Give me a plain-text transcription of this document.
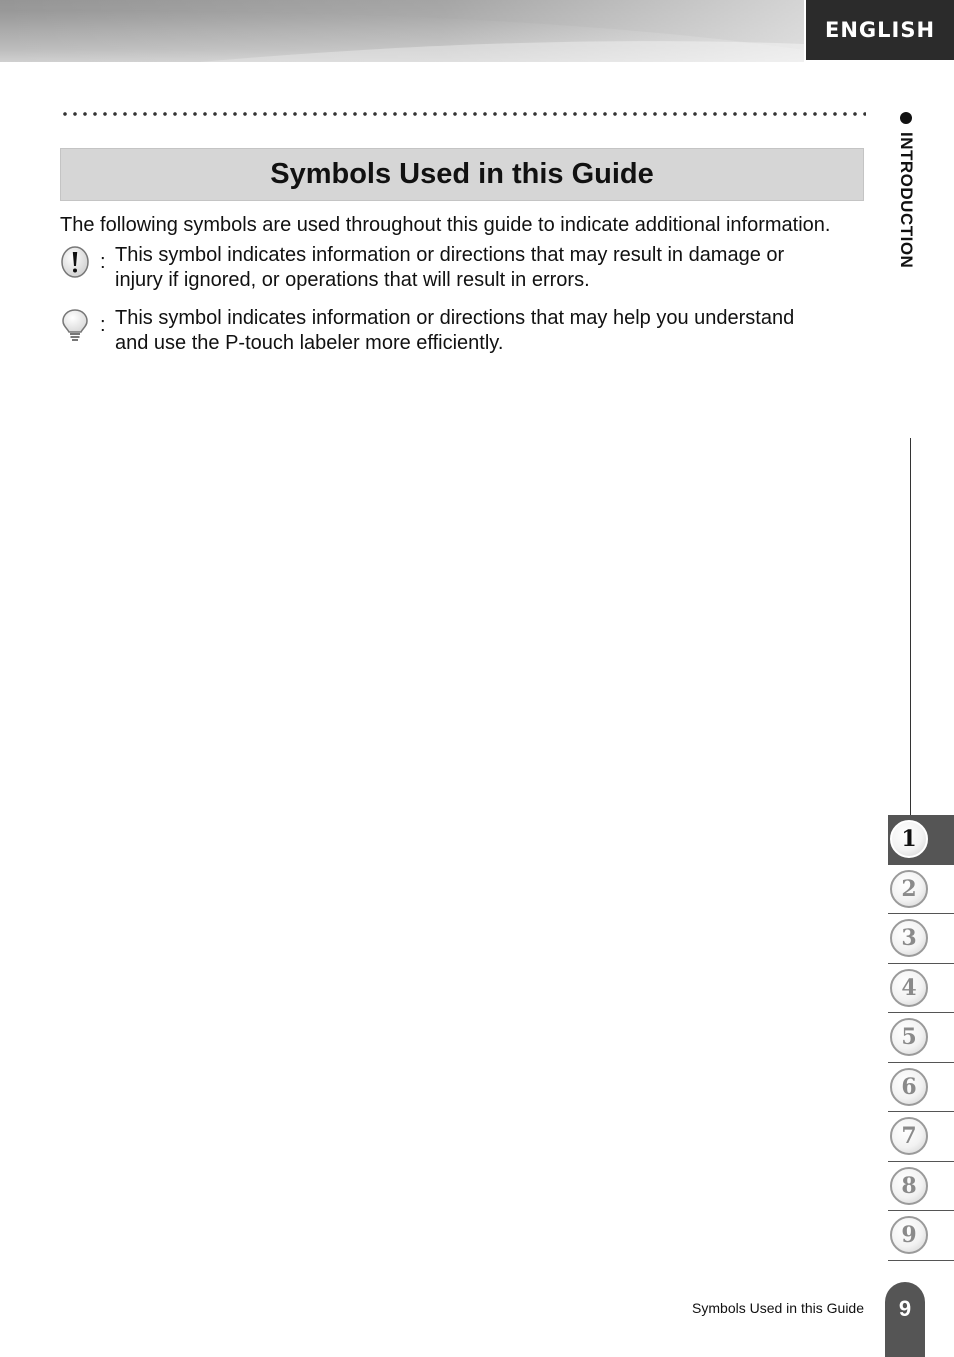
ENGLISH
Symbols Used in this Guide

The following symbols are used throughout this guide to indicate additional information.

: This symbol indicates information or directions that may result in damage or
injury if ignored, or operations that will result in errors.
: This symbol indicates information or directions that may help you understand
and use the P-touch labeler more efficiently.
INTRODUCTION
1
2
3
4
5
6
7
8
9
Symbols Used in this Guide	9
